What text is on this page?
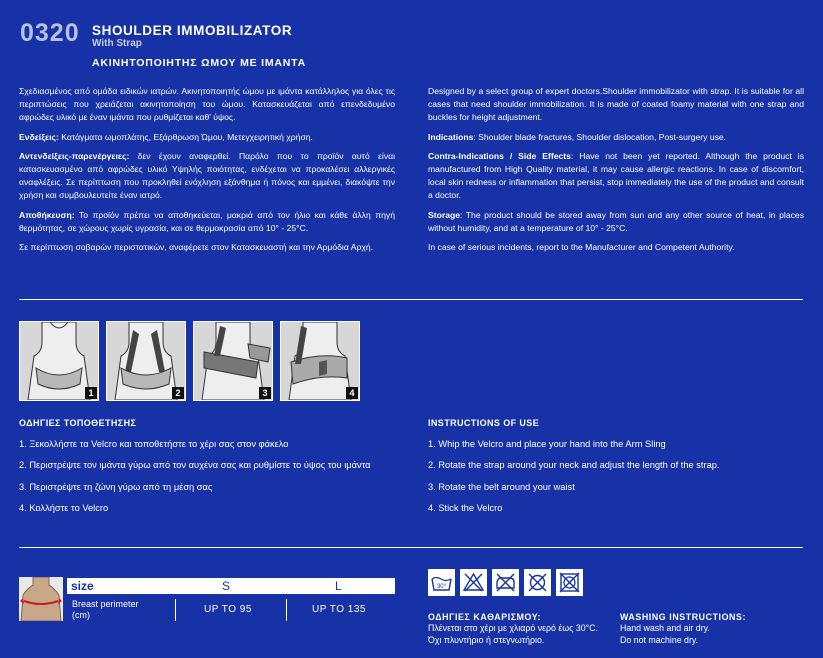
0320 SHOULDER IMMOBILIZATOR
With Strap
ΑΚΙΝΗΤΟΠΟΙΗΤΗΣ ΩΜΟΥ ΜΕ ΙΜΑΝΤΑ

Σχεδιασμένος από ομάδα ειδικών ιατρών. Ακινητοποιητής ώμου με ιμάντα κατάλληλος για όλες τις περιπτώσεις που χρειάζεται ακινητοποίηση του ώμου. Κατασκευάζεται από επενδεδυμένο αφρώδες υλικό με έναν ιμάντα που ρυθμίζεται καθ' ύψος.

Ενδείξεις: Κατάγματα ωμοπλάτης, Εξάρθρωση Ώμου, Μετεγχειρητική χρήση.

Αντενδείξεις-παρενέργειες: δεν έχουν αναφερθεί. Παρόλο που το προϊόν αυτό είναι κατασκευασμένο από αφρώδες υλικό Υψηλής ποιότητας, ενδέχεται να προκαλέσει αλλεργικές αναφλέξεις. Σε περίπτωση που προκληθεί ενόχληση εξάνθημα ή πόνος και εμμένει, διακόψτε την χρήση και συμβουλευτείτε έναν ιατρό.

Αποθήκευση: Το προϊόν πρέπει να αποθηκεύεται, μακριά από τον ήλιο και κάθε άλλη πηγή θερμότητας, σε χώρους χωρίς υγρασία, και σε θερμοκρασία από 10° - 25°C.

Σε περίπτωση σοβαρών περιστατικών, αναφέρετε στον Κατασκευαστή και την Αρμόδια Αρχή.

Designed by a select group of expert doctors.Shoulder immobilizator with strap. It is suitable for all cases that need shoulder immobilization. It is made of coated foamy material with one strap and buckles for height adjustment.

Indications: Shoulder blade fractures, Shoulder dislocation, Post-surgery use.

Contra-Indications / Side Effects: Have not been yet reported. Although the product is manufactured from High Quality material, it may cause allergic reactions. In case of discomfort, local skin redness or inflammation that persist, stop immediately the use of the product and consult a doctor.

Storage: The product should be stored away from sun and any other source of heat, in places without humidity, and at a temperature of 10° - 25°C.

In case of serious incidents, report to the Manufacturer and Competent Authority.

1	2	3	4
ΟΔΗΓΙΕΣ ΤΟΠΟΘΕΤΗΣΗΣ
1. Ξεκολλήστε τα Velcro και τοποθετήστε το χέρι σας στον φάκελο
2. Περιστρέψτε τον ιμάντα γύρω από τον αυχένα σας και ρυθμίστε το ύψος του ιμάντα
3. Περιστρέψτε τη ζώνη γύρω από τη μέση σας
4. Κολλήστε το Velcro
INSTRUCTIONS OF USE
1. Whip the Velcro and place your hand into the Arm Sling
2. Rotate the strap around your neck and adjust the length of the strap.
3. Rotate the belt around your waist
4. Stick the Velcro
size	S	L
Breast perimeter
(cm)	UP TO 95	UP TO 135
30°
ΟΔΗΓΙΕΣ ΚΑΘΑΡΙΣΜΟΥ:
Πλένεται στο χέρι με χλιαρό νερό έως 30°C.
Όχι πλυντήριο ή στεγνωτήριο.
WASHING INSTRUCTIONS:
Hand wash and air dry.
Do not machine dry.
